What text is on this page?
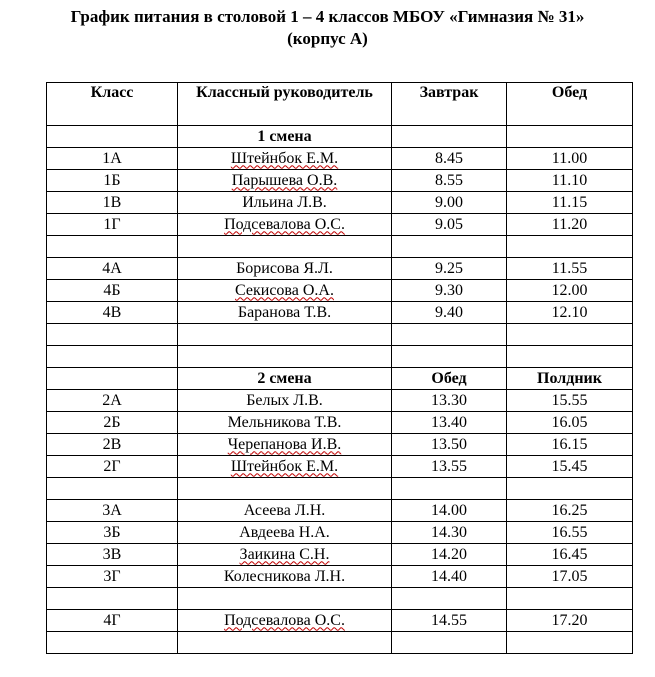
График питания в столовой 1 – 4 классов МБОУ «Гимназия № 31»
(корпус А)
Класс	Классный руководитель	Завтрак	Обед
	1 смена		
1А	Штейнбок Е.М.	8.45	11.00
1Б	Парышева О.В.	8.55	11.10
1В	Ильина Л.В.	9.00	11.15
1Г	Подсевалова О.С.	9.05	11.20

4А	Борисова Я.Л.	9.25	11.55
4Б	Секисова О.А.	9.30	12.00
4В	Баранова Т.В.	9.40	12.10

	2 смена	Обед	Полдник
2А	Белых Л.В.	13.30	15.55
2Б	Мельникова Т.В.	13.40	16.05
2В	Черепанова И.В.	13.50	16.15
2Г	Штейнбок Е.М.	13.55	15.45

3А	Асеева Л.Н.	14.00	16.25
3Б	Авдеева Н.А.	14.30	16.55
3В	Заикина С.Н.	14.20	16.45
3Г	Колесникова Л.Н.	14.40	17.05

4Г	Подсевалова О.С.	14.55	17.20
